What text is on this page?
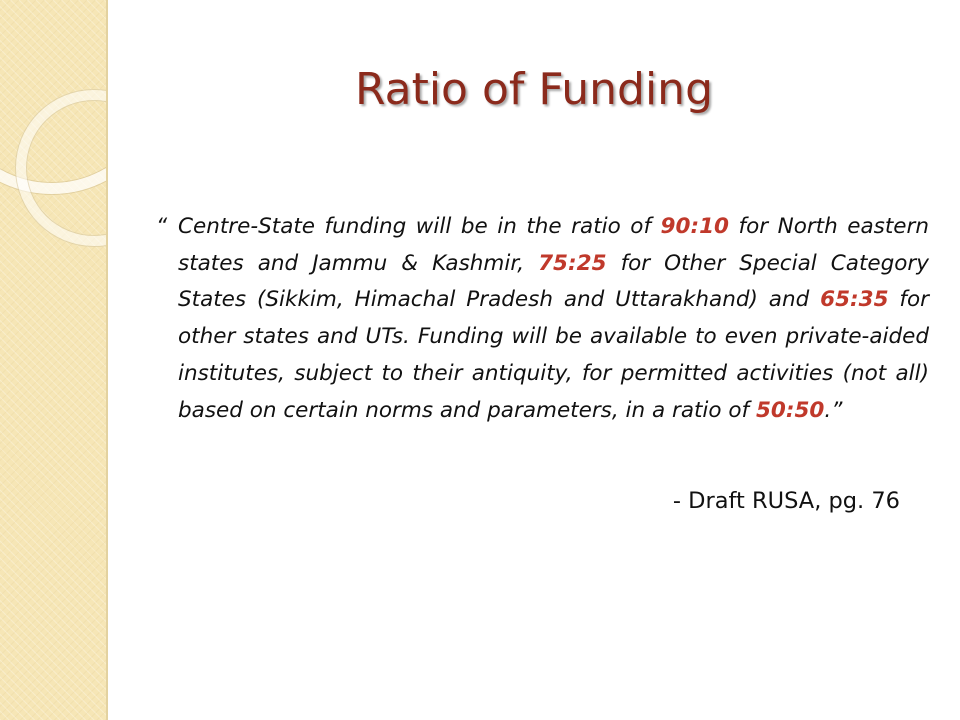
Ratio of Funding

“ Centre-State funding will be in the ratio of 90:10 for North eastern states and Jammu & Kashmir, 75:25 for Other Special Category States (Sikkim, Himachal Pradesh and Uttarakhand) and 65:35 for other states and UTs. Funding will be available to even private-aided institutes, subject to their antiquity, for permitted activities (not all) based on certain norms and parameters, in a ratio of 50:50.”

- Draft RUSA, pg. 76
